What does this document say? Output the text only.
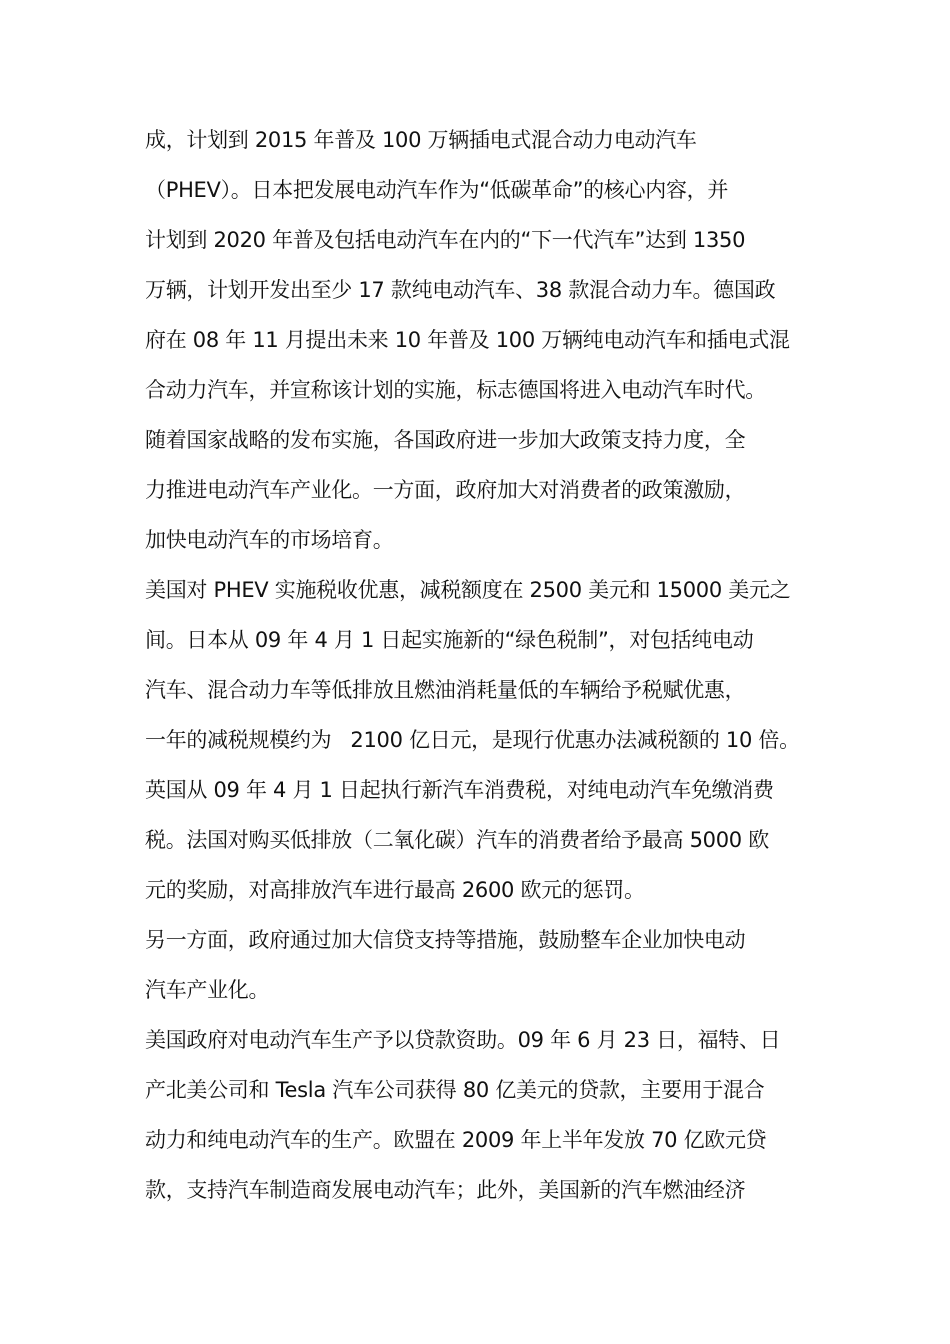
成，计划到 2015 年普及 100 万辆插电式混合动力电动汽车
（PHEV）。日本把发展电动汽车作为“低碳革命”的核心内容，并
计划到 2020 年普及包括电动汽车在内的“下一代汽车”达到 1350
万辆，计划开发出至少 17 款纯电动汽车、38 款混合动力车。德国政
府在 08 年 11 月提出未来 10 年普及 100 万辆纯电动汽车和插电式混
合动力汽车，并宣称该计划的实施，标志德国将进入电动汽车时代。
随着国家战略的发布实施，各国政府进一步加大政策支持力度，全
力推进电动汽车产业化。一方面，政府加大对消费者的政策激励，
加快电动汽车的市场培育。
美国对 PHEV 实施税收优惠，减税额度在 2500 美元和 15000 美元之
间。日本从 09 年 4 月 1 日起实施新的“绿色税制”，对包括纯电动
汽车、混合动力车等低排放且燃油消耗量低的车辆给予税赋优惠，
一年的减税规模约为   2100 亿日元，是现行优惠办法减税额的 10 倍。
英国从 09 年 4 月 1 日起执行新汽车消费税，对纯电动汽车免缴消费
税。法国对购买低排放（二氧化碳）汽车的消费者给予最高 5000 欧
元的奖励，对高排放汽车进行最高 2600 欧元的惩罚。
另一方面，政府通过加大信贷支持等措施，鼓励整车企业加快电动
汽车产业化。
美国政府对电动汽车生产予以贷款资助。09 年 6 月 23 日，福特、日
产北美公司和 Tesla 汽车公司获得 80 亿美元的贷款，主要用于混合
动力和纯电动汽车的生产。欧盟在 2009 年上半年发放 70 亿欧元贷
款，支持汽车制造商发展电动汽车；此外，美国新的汽车燃油经济
